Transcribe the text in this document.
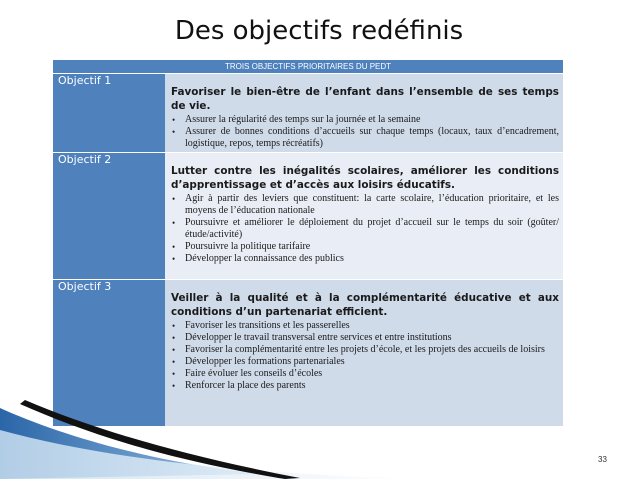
Des objectifs redéfinis
TROIS OBJECTIFS PRIORITAIRES DU PEDT
Objectif 1
Favoriser le bien-être de l’enfant dans l’ensemble de ses temps de vie.
• Assurer la régularité des temps sur la journée et la semaine
• Assurer de bonnes conditions d’accueils sur chaque temps (locaux, taux d’encadrement, logistique, repos, temps récréatifs)
Objectif 2
Lutter contre les inégalités scolaires, améliorer les conditions d’apprentissage et d’accès aux loisirs éducatifs.
• Agir à partir des leviers que constituent: la carte scolaire, l’éducation prioritaire, et les moyens de l’éducation nationale
• Poursuivre et améliorer le déploiement du projet d’accueil sur le temps du soir (goûter/étude/activité)
• Poursuivre la politique tarifaire
• Développer la connaissance des publics
Objectif 3
Veiller à la qualité et à la complémentarité éducative et aux conditions d’un partenariat efficient.
• Favoriser les transitions et les passerelles
• Développer le travail transversal entre services et entre institutions
• Favoriser la complémentarité entre les projets d’école, et les projets des accueils de loisirs
• Développer les formations partenariales
• Faire évoluer les conseils d’écoles
• Renforcer la place des parents
33
